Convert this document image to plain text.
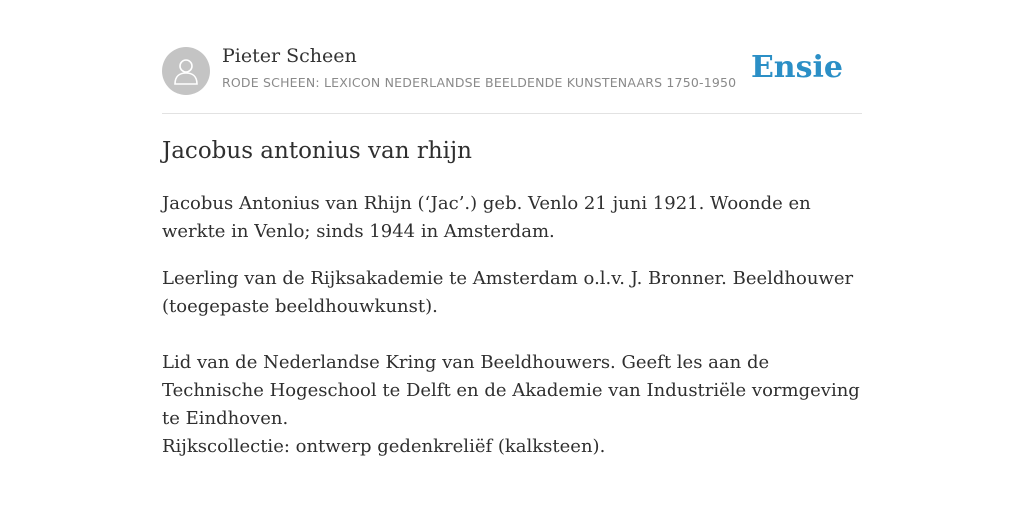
Pieter Scheen
RODE SCHEEN: LEXICON NEDERLANDSE BEELDENDE KUNSTENAARS 1750-1950 Ensie
Jacobus antonius van rhijn

Jacobus Antonius van Rhijn (‘Jac’.) geb. Venlo 21 juni 1921. Woonde en werkte in Venlo; sinds 1944 in Amsterdam.

Leerling van de Rijksakademie te Amsterdam o.l.v. J. Bronner. Beeldhouwer (toegepaste beeldhouwkunst).

Lid van de Nederlandse Kring van Beeldhouwers. Geeft les aan de Technische Hogeschool te Delft en de Akademie van Industriële vormgeving te Eindhoven.

Rijkscollectie: ontwerp gedenkreliëf (kalksteen).
